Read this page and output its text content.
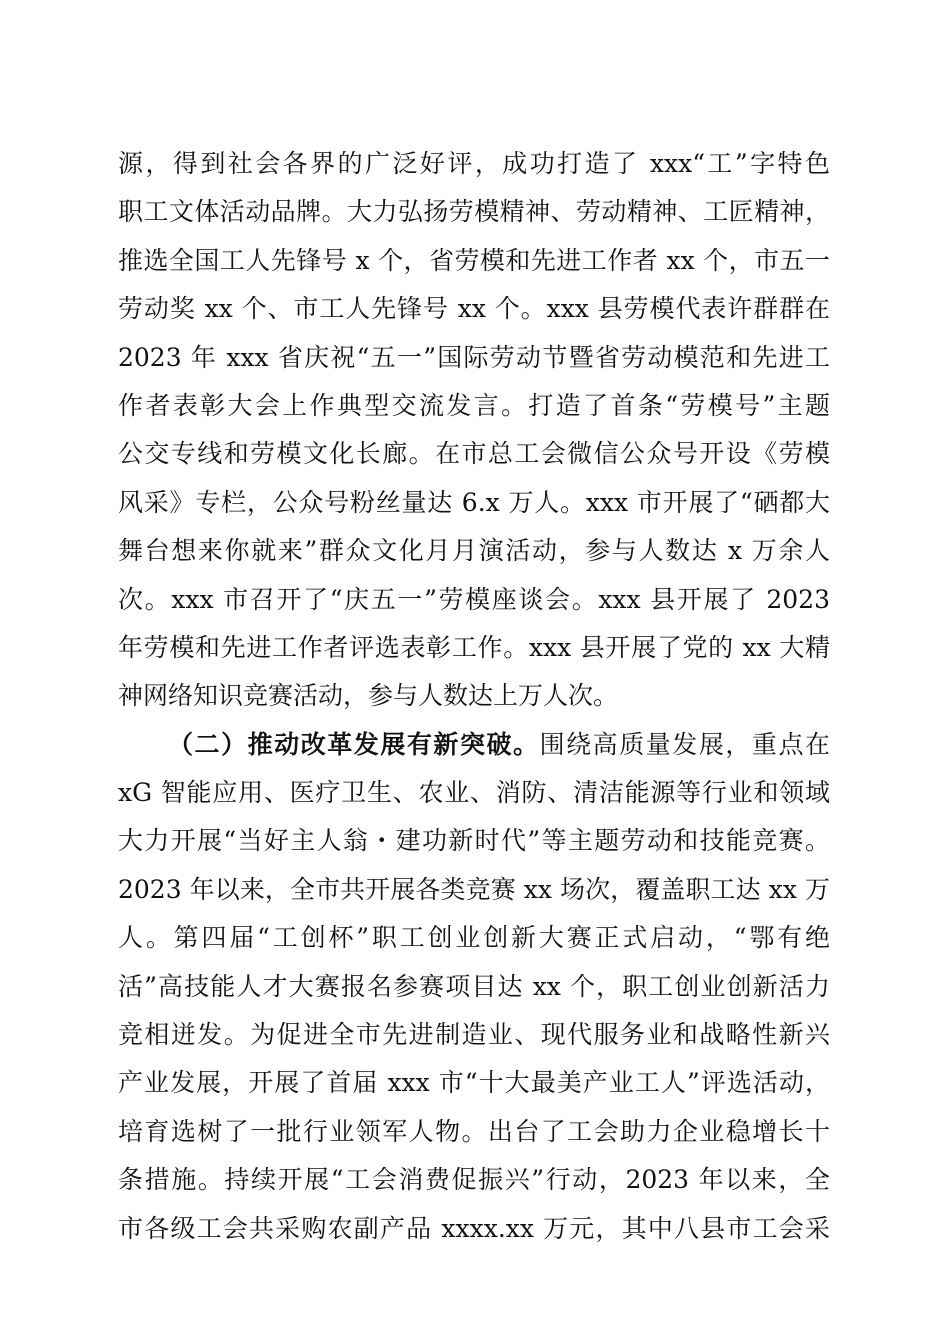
源，得到社会各界的广泛好评，成功打造了 xxx“工”字特色
职工文体活动品牌。大力弘扬劳模精神、劳动精神、工匠精神，
推选全国工人先锋号 x 个，省劳模和先进工作者 xx 个，市五一
劳动奖 xx 个、市工人先锋号 xx 个。xxx 县劳模代表许群群在
2023 年 xxx 省庆祝“五一”国际劳动节暨省劳动模范和先进工
作者表彰大会上作典型交流发言。打造了首条“劳模号”主题
公交专线和劳模文化长廊。在市总工会微信公众号开设《劳模
风采》专栏，公众号粉丝量达 6.x 万人。xxx 市开展了“硒都大
舞台想来你就来”群众文化月月演活动，参与人数达 x 万余人
次。xxx 市召开了“庆五一”劳模座谈会。xxx 县开展了 2023
年劳模和先进工作者评选表彰工作。xxx 县开展了党的 xx 大精
神网络知识竞赛活动，参与人数达上万人次。
（二）推动改革发展有新突破。围绕高质量发展，重点在
xG 智能应用、医疗卫生、农业、消防、清洁能源等行业和领域
大力开展“当好主人翁・建功新时代”等主题劳动和技能竞赛。
2023 年以来，全市共开展各类竞赛 xx 场次，覆盖职工达 xx 万
人。第四届“工创杯”职工创业创新大赛正式启动，“鄂有绝
活”高技能人才大赛报名参赛项目达 xx 个，职工创业创新活力
竞相迸发。为促进全市先进制造业、现代服务业和战略性新兴
产业发展，开展了首届 xxx 市“十大最美产业工人”评选活动，
培育选树了一批行业领军人物。出台了工会助力企业稳增长十
条措施。持续开展“工会消费促振兴”行动，2023 年以来，全
市各级工会共采购农副产品 xxxx.xx 万元，其中八县市工会采
